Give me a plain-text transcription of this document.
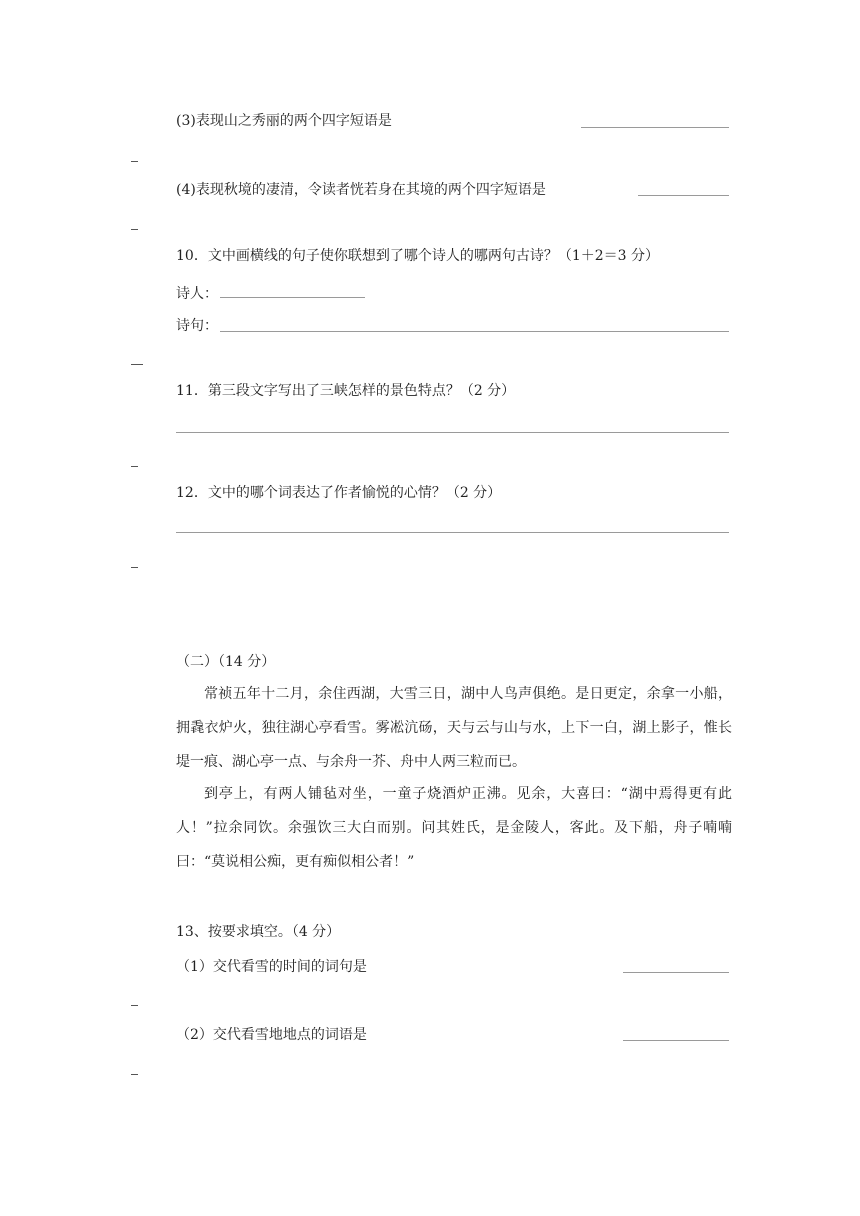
(3)表现山之秀丽的两个四字短语是
(4)表现秋境的凄清，令读者恍若身在其境的两个四字短语是
10．文中画横线的句子使你联想到了哪个诗人的哪两句古诗？（1＋2＝3 分）
诗人：
诗句：
11．第三段文字写出了三峡怎样的景色特点？（2 分）
12．文中的哪个词表达了作者愉悦的心情？（2 分）
（二）（14 分）
常祯五年十二月，余住西湖，大雪三日，湖中人鸟声俱绝。是日更定，余拿一小船，拥毳衣炉火，独往湖心亭看雪。雾凇沆砀，天与云与山与水，上下一白，湖上影子，惟长堤一痕、湖心亭一点、与余舟一芥、舟中人两三粒而已。
到亭上，有两人铺毡对坐，一童子烧酒炉正沸。见余，大喜曰：“湖中焉得更有此人！”拉余同饮。余强饮三大白而别。问其姓氏，是金陵人，客此。及下船，舟子喃喃曰：“莫说相公痴，更有痴似相公者！”
13、按要求填空。（4 分）
（1）交代看雪的时间的词句是
（2）交代看雪地地点的词语是
